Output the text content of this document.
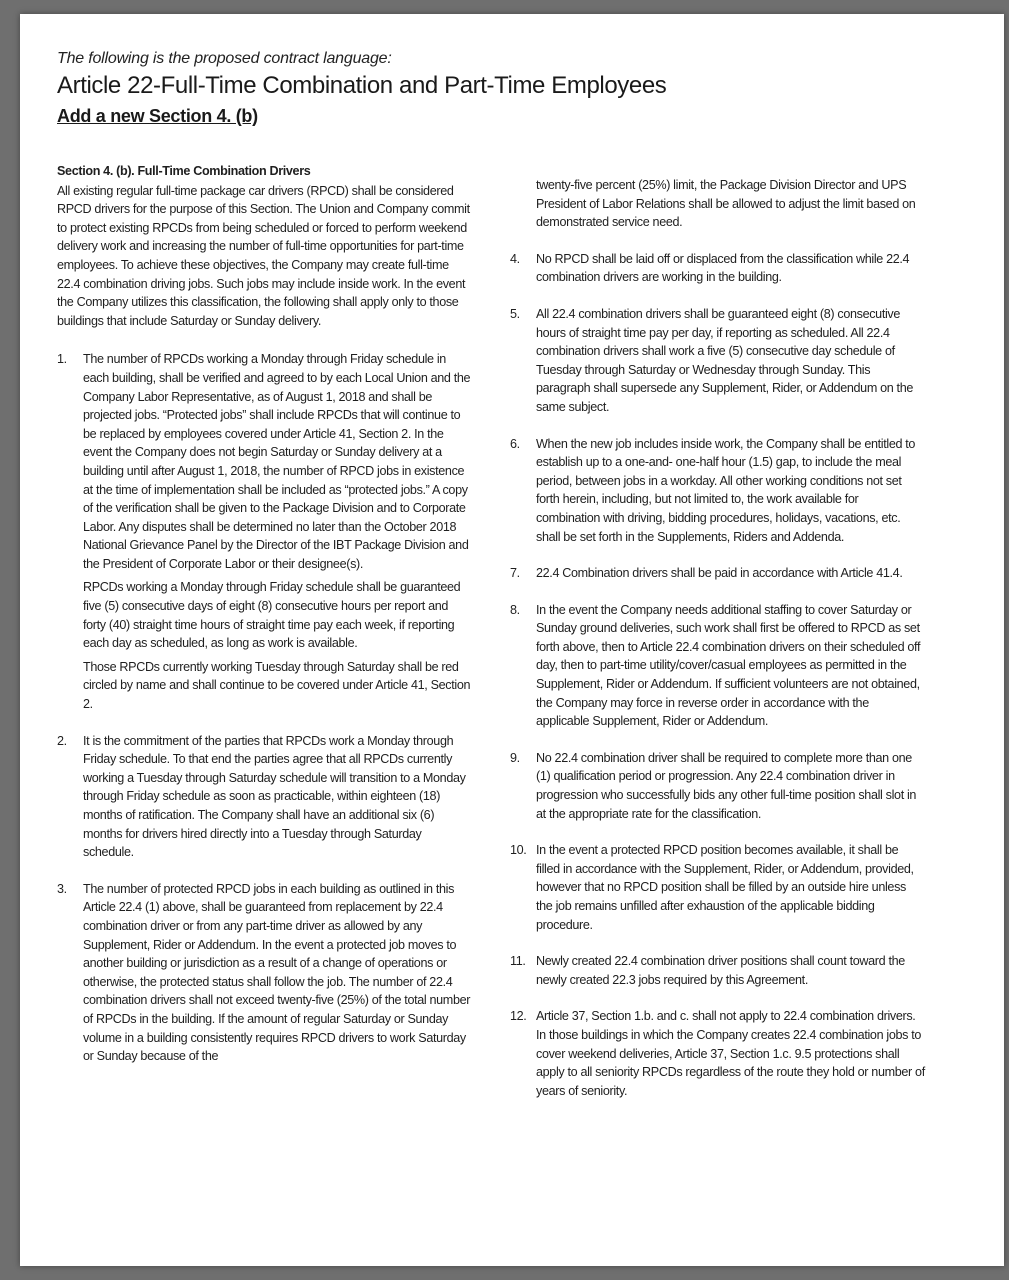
The following is the proposed contract language:

Article 22-Full-Time Combination and Part-Time Employees
Add a new Section 4. (b)

Section 4. (b). Full-Time Combination Drivers

All existing regular full-time package car drivers (RPCD) shall be considered RPCD drivers for the purpose of this Section. The Union and Company commit to protect existing RPCDs from being scheduled or forced to perform weekend delivery work and increasing the number of full-time opportunities for part-time employees. To achieve these objectives, the Company may create full-time 22.4 combination driving jobs. Such jobs may include inside work. In the event the Company utilizes this classification, the following shall apply only to those buildings that include Saturday or Sunday delivery.

1.	The number of RPCDs working a Monday through Friday schedule in each building, shall be verified and agreed to by each Local Union and the Company Labor Representative, as of August 1, 2018 and shall be projected jobs. “Protected jobs” shall include RPCDs that will continue to be replaced by employees covered under Article 41, Section 2. In the event the Company does not begin Saturday or Sunday delivery at a building until after August 1, 2018, the number of RPCD jobs in existence at the time of implementation shall be included as “protected jobs.” A copy of the verification shall be given to the Package Division and to Corporate Labor. Any disputes shall be determined no later than the October 2018 National Grievance Panel by the Director of the IBT Package Division and the President of Corporate Labor or their designee(s).

RPCDs working a Monday through Friday schedule shall be guaranteed five (5) consecutive days of eight (8) consecutive hours per report and forty (40) straight time hours of straight time pay each week, if reporting each day as scheduled, as long as work is available.

Those RPCDs currently working Tuesday through Saturday shall be red circled by name and shall continue to be covered under Article 41, Section 2.

2.	It is the commitment of the parties that RPCDs work a Monday through Friday schedule. To that end the parties agree that all RPCDs currently working a Tuesday through Saturday schedule will transition to a Monday through Friday schedule as soon as practicable, within eighteen (18) months of ratification. The Company shall have an additional six (6) months for drivers hired directly into a Tuesday through Saturday schedule.

3.	The number of protected RPCD jobs in each building as outlined in this Article 22.4 (1) above, shall be guaranteed from replacement by 22.4 combination driver or from any part-time driver as allowed by any Supplement, Rider or Addendum. In the event a protected job moves to another building or jurisdiction as a result of a change of operations or otherwise, the protected status shall follow the job. The number of 22.4 combination drivers shall not exceed twenty-five (25%) of the total number of RPCDs in the building. If the amount of regular Saturday or Sunday volume in a building consistently requires RPCD drivers to work Saturday or Sunday because of the

twenty-five percent (25%) limit, the Package Division Director and UPS President of Labor Relations shall be allowed to adjust the limit based on demonstrated service need.

4.	No RPCD shall be laid off or displaced from the classification while 22.4 combination drivers are working in the building.

5.	All 22.4 combination drivers shall be guaranteed eight (8) consecutive hours of straight time pay per day, if reporting as scheduled. All 22.4 combination drivers shall work a five (5) consecutive day schedule of Tuesday through Saturday or Wednesday through Sunday. This paragraph shall supersede any Supplement, Rider, or Addendum on the same subject.

6.	When the new job includes inside work, the Company shall be entitled to establish up to a one-and- one-half hour (1.5) gap, to include the meal period, between jobs in a workday. All other working conditions not set forth herein, including, but not limited to, the work available for combination with driving, bidding procedures, holidays, vacations, etc. shall be set forth in the Supplements, Riders and Addenda.

7.	22.4 Combination drivers shall be paid in accordance with Article 41.4.

8.	In the event the Company needs additional staffing to cover Saturday or Sunday ground deliveries, such work shall first be offered to RPCD as set forth above, then to Article 22.4 combination drivers on their scheduled off day, then to part-time utility/cover/casual employees as permitted in the Supplement, Rider or Addendum. If sufficient volunteers are not obtained, the Company may force in reverse order in accordance with the applicable Supplement, Rider or Addendum.

9.	No 22.4 combination driver shall be required to complete more than one (1) qualification period or progression. Any 22.4 combination driver in progression who successfully bids any other full-time position shall slot in at the appropriate rate for the classification.

10. In the event a protected RPCD position becomes available, it shall be filled in accordance with the Supplement, Rider, or Addendum, provided, however that no RPCD position shall be filled by an outside hire unless the job remains unfilled after exhaustion of the applicable bidding procedure.

11. Newly created 22.4 combination driver positions shall count toward the newly created 22.3 jobs required by this Agreement.

12. Article 37, Section 1.b. and c. shall not apply to 22.4 combination drivers. In those buildings in which the Company creates 22.4 combination jobs to cover weekend deliveries, Article 37, Section 1.c. 9.5 protections shall apply to all seniority RPCDs regardless of the route they hold or number of years of seniority.
